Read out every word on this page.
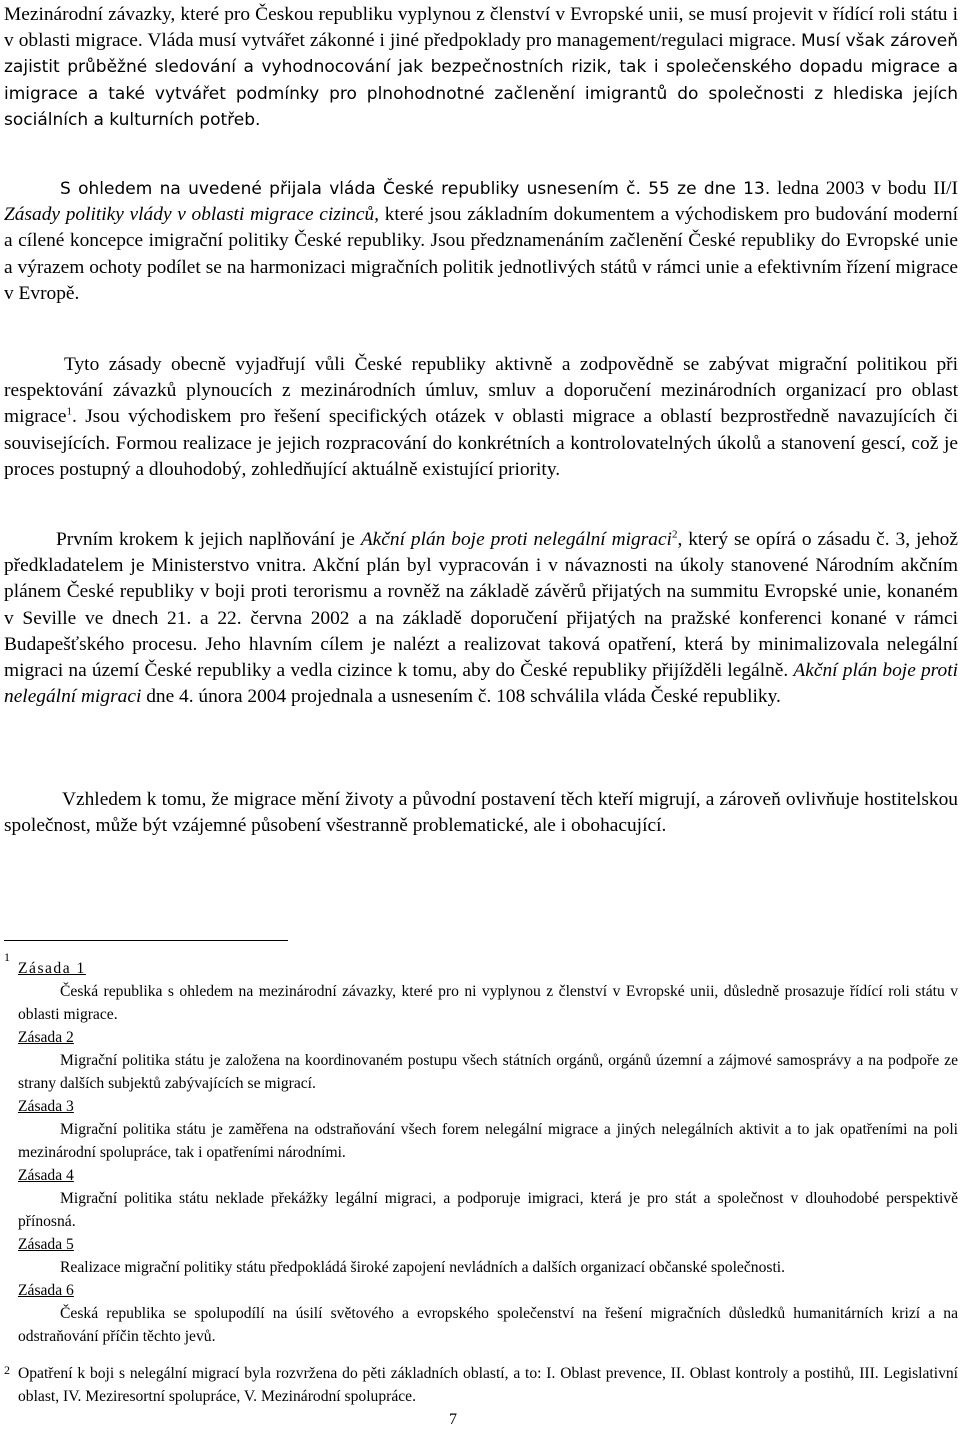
Mezinárodní závazky, které pro Českou republiku vyplynou z členství v Evropské unii, se musí projevit v řídící roli státu i v oblasti migrace. Vláda musí vytvářet zákonné i jiné předpoklady pro management/regulaci migrace. Musí však zároveň zajistit průběžné sledování a vyhodnocování jak bezpečnostních rizik, tak i společenského dopadu migrace a imigrace a také vytvářet podmínky pro plnohodnotné začlenění imigrantů do společnosti z hlediska jejích sociálních a kulturních potřeb.

S ohledem na uvedené přijala vláda České republiky usnesením č. 55 ze dne 13. ledna 2003 v bodu II/I Zásady politiky vlády v oblasti migrace cizinců, které jsou základním dokumentem a východiskem pro budování moderní a cílené koncepce imigrační politiky České republiky. Jsou předznamenáním začlenění České republiky do Evropské unie a výrazem ochoty podílet se na harmonizaci migračních politik jednotlivých států v rámci unie a efektivním řízení migrace v Evropě.

Tyto zásady obecně vyjadřují vůli České republiky aktivně a zodpovědně se zabývat migrační politikou při respektování závazků plynoucích z mezinárodních úmluv, smluv a doporučení mezinárodních organizací pro oblast migrace$^1$. Jsou východiskem pro řešení specifických otázek v oblasti migrace a oblastí bezprostředně navazujících či souvisejících. Formou realizace je jejich rozpracování do konkrétních a kontrolovatelných úkolů a stanovení gescí, což je proces postupný a dlouhodobý, zohledňující aktuálně existující priority.

Prvním krokem k jejich naplňování je Akční plán boje proti nelegální migraci$^2$, který se opírá o zásadu č. 3, jehož předkladatelem je Ministerstvo vnitra. Akční plán byl vypracován i v návaznosti na úkoly stanovené Národním akčním plánem České republiky v boji proti terorismu a rovněž na základě závěrů přijatých na summitu Evropské unie, konaném v Seville ve dnech 21. a 22. června 2002 a na základě doporučení přijatých na pražské konferenci konané v rámci Budapešťského procesu. Jeho hlavním cílem je nalézt a realizovat taková opatření, která by minimalizovala nelegální migraci na území České republiky a vedla cizince k tomu, aby do České republiky přijížděli legálně. Akční plán boje proti nelegální migraci dne 4. února 2004 projednala a usnesením č. 108 schválila vláda České republiky.

Vzhledem k tomu, že migrace mění životy a původní postavení těch kteří migrují, a zároveň ovlivňuje hostitelskou společnost, může být vzájemné působení všestranně problematické, ale i obohacující.

1
Zásada 1
Česká republika s ohledem na mezinárodní závazky, které pro ni vyplynou z členství v Evropské unii, důsledně prosazuje řídící roli státu v oblasti migrace.
Zásada 2
Migrační politika státu je založena na koordinovaném postupu všech státních orgánů, orgánů územní a zájmové samosprávy a na podpoře ze strany dalších subjektů zabývajících se migrací.
Zásada 3
Migrační politika státu je zaměřena na odstraňování všech forem nelegální migrace a jiných nelegálních aktivit a to jak opatřeními na poli mezinárodní spolupráce, tak i opatřeními národními.
Zásada 4
Migrační politika státu neklade překážky legální migraci, a podporuje imigraci, která je pro stát a společnost v dlouhodobé perspektivě přínosná.
Zásada 5
Realizace migrační politiky státu předpokládá široké zapojení nevládních a dalších organizací občanské společnosti.
Zásada 6
Česká republika se spolupodílí na úsilí světového a evropského společenství na řešení migračních důsledků humanitárních krizí a na odstraňování příčin těchto jevů.
2 Opatření k boji s nelegální migrací byla rozvržena do pěti základních oblastí, a to: I. Oblast prevence, II. Oblast kontroly a postihů, III. Legislativní oblast, IV. Meziresortní spolupráce, V. Mezinárodní spolupráce.
7
